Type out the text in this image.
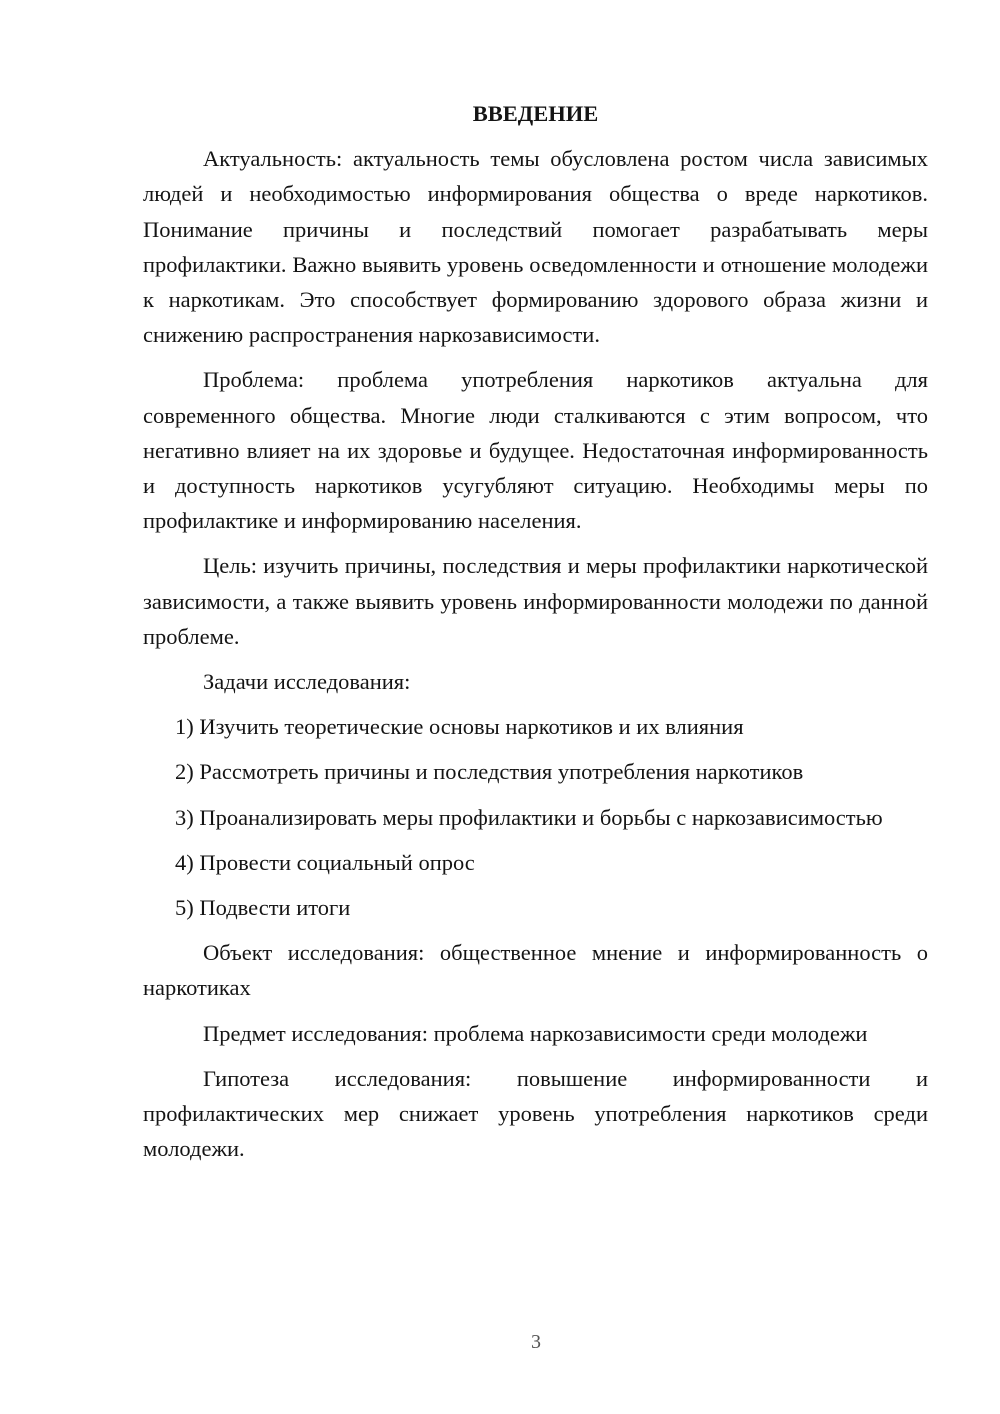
ВВЕДЕНИЕ

Актуальность: актуальность темы обусловлена ростом числа зависимых людей и необходимостью информирования общества о вреде наркотиков. Понимание причины и последствий помогает разрабатывать меры профилактики. Важно выявить уровень осведомленности и отношение молодежи к наркотикам. Это способствует формированию здорового образа жизни и снижению распространения наркозависимости.

Проблема: проблема употребления наркотиков актуальна для современного общества. Многие люди сталкиваются с этим вопросом, что негативно влияет на их здоровье и будущее. Недостаточная информированность и доступность наркотиков усугубляют ситуацию. Необходимы меры по профилактике и информированию населения.

Цель: изучить причины, последствия и меры профилактики наркотической зависимости, а также выявить уровень информированности молодежи по данной проблеме.

Задачи исследования:

1) Изучить теоретические основы наркотиков и их влияния

2) Рассмотреть причины и последствия употребления наркотиков

3) Проанализировать меры профилактики и борьбы с наркозависимостью

4) Провести социальный опрос

5) Подвести итоги

Объект исследования: общественное мнение и информированность о наркотиках

Предмет исследования: проблема наркозависимости среди молодежи

Гипотеза исследования: повышение информированности и профилактических мер снижает уровень употребления наркотиков среди молодежи.

3
